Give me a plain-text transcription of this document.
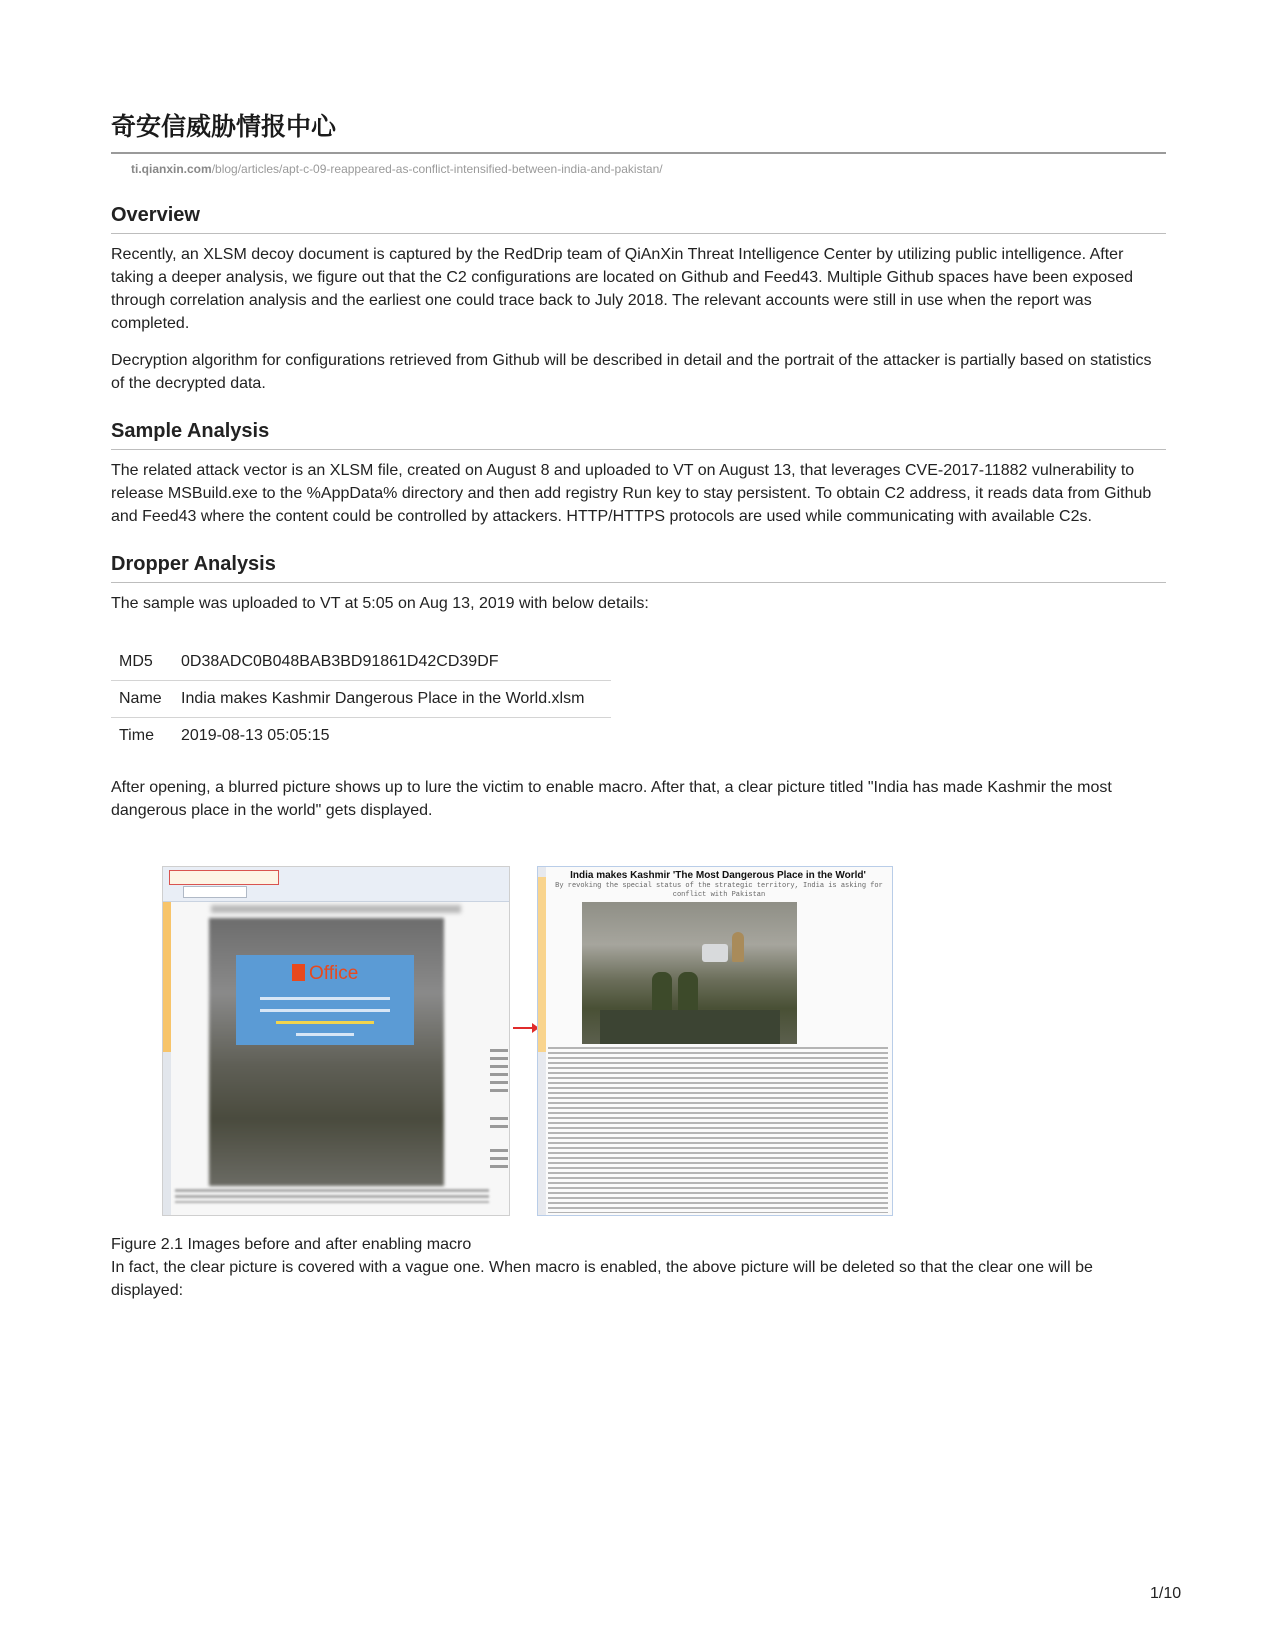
奇安信威胁情报中心
ti.qianxin.com/blog/articles/apt-c-09-reappeared-as-conflict-intensified-between-india-and-pakistan/
Overview

Recently, an XLSM decoy document is captured by the RedDrip team of QiAnXin Threat Intelligence Center by utilizing public intelligence. After taking a deeper analysis, we figure out that the C2 configurations are located on Github and Feed43. Multiple Github spaces have been exposed through correlation analysis and the earliest one could trace back to July 2018. The relevant accounts were still in use when the report was completed.

Decryption algorithm for configurations retrieved from Github will be described in detail and the portrait of the attacker is partially based on statistics of the decrypted data.

Sample Analysis

The related attack vector is an XLSM file, created on August 8 and uploaded to VT on August 13, that leverages CVE-2017-11882 vulnerability to release MSBuild.exe to the %AppData% directory and then add registry Run key to stay persistent. To obtain C2 address, it reads data from Github and Feed43 where the content could be controlled by attackers. HTTP/HTTPS protocols are used while communicating with available C2s.

Dropper Analysis

The sample was uploaded to VT at 5:05 on Aug 13, 2019 with below details:

MD5	0D38ADC0B048BAB3BD91861D42CD39DF
Name	India makes Kashmir Dangerous Place in the World.xlsm
Time	2019-08-13 05:05:15

After opening, a blurred picture shows up to lure the victim to enable macro. After that, a clear picture titled "India has made Kashmir the most dangerous place in the world" gets displayed.

Office
India makes Kashmir 'The Most Dangerous Place in the World'
By revoking the special status of the strategic territory, India is asking for conflict with Pakistan

Figure 2.1 Images before and after enabling macro

In fact, the clear picture is covered with a vague one. When macro is enabled, the above picture will be deleted so that the clear one will be displayed:

1/10
